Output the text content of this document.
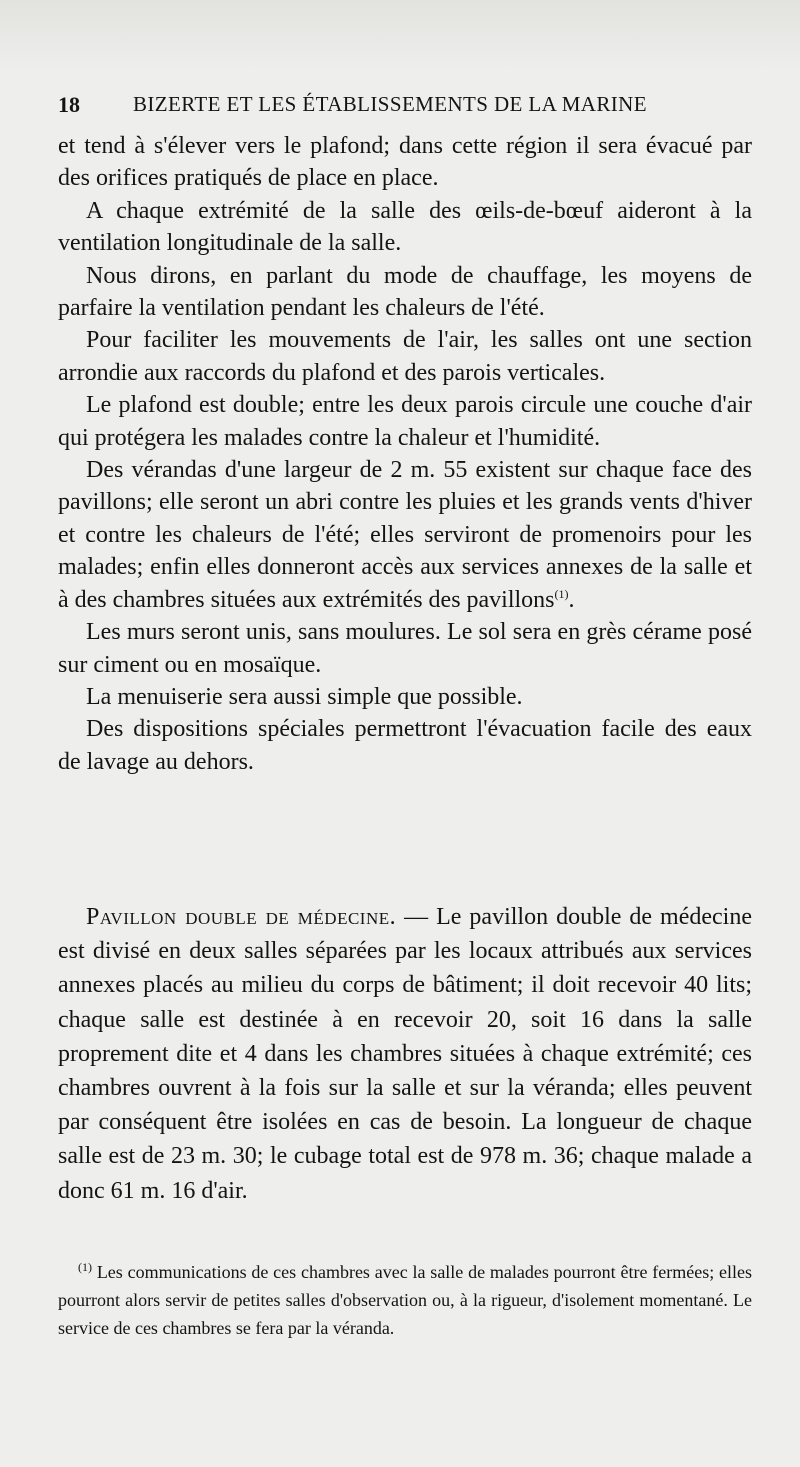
18	BIZERTE ET LES ÉTABLISSEMENTS DE LA MARINE

et tend à s'élever vers le plafond; dans cette région il sera évacué par des orifices pratiqués de place en place.

A chaque extrémité de la salle des œils-de-bœuf aideront à la ventilation longitudinale de la salle.

Nous dirons, en parlant du mode de chauffage, les moyens de parfaire la ventilation pendant les chaleurs de l'été.

Pour faciliter les mouvements de l'air, les salles ont une section arrondie aux raccords du plafond et des parois verticales.

Le plafond est double; entre les deux parois circule une couche d'air qui protégera les malades contre la chaleur et l'humidité.

Des vérandas d'une largeur de 2 m. 55 existent sur chaque face des pavillons; elle seront un abri contre les pluies et les grands vents d'hiver et contre les chaleurs de l'été; elles serviront de promenoirs pour les malades; enfin elles donneront accès aux services annexes de la salle et à des chambres situées aux extrémités des pavillons$^{(1)}$.

Les murs seront unis, sans moulures. Le sol sera en grès cérame posé sur ciment ou en mosaïque.

La menuiserie sera aussi simple que possible.

Des dispositions spéciales permettront l'évacuation facile des eaux de lavage au dehors.

Pavillon double de médecine. — Le pavillon double de médecine est divisé en deux salles séparées par les locaux attribués aux services annexes placés au milieu du corps de bâtiment; il doit recevoir 40 lits; chaque salle est destinée à en recevoir 20, soit 16 dans la salle proprement dite et 4 dans les chambres situées à chaque extrémité; ces chambres ouvrent à la fois sur la salle et sur la véranda; elles peuvent par conséquent être isolées en cas de besoin. La longueur de chaque salle est de 23 m. 30; le cubage total est de 978 m. 36; chaque malade a donc 61 m. 16 d'air.

$^{(1)}$ Les communications de ces chambres avec la salle de malades pourront être fermées; elles pourront alors servir de petites salles d'observation ou, à la rigueur, d'isolement momentané. Le service de ces chambres se fera par la véranda.
